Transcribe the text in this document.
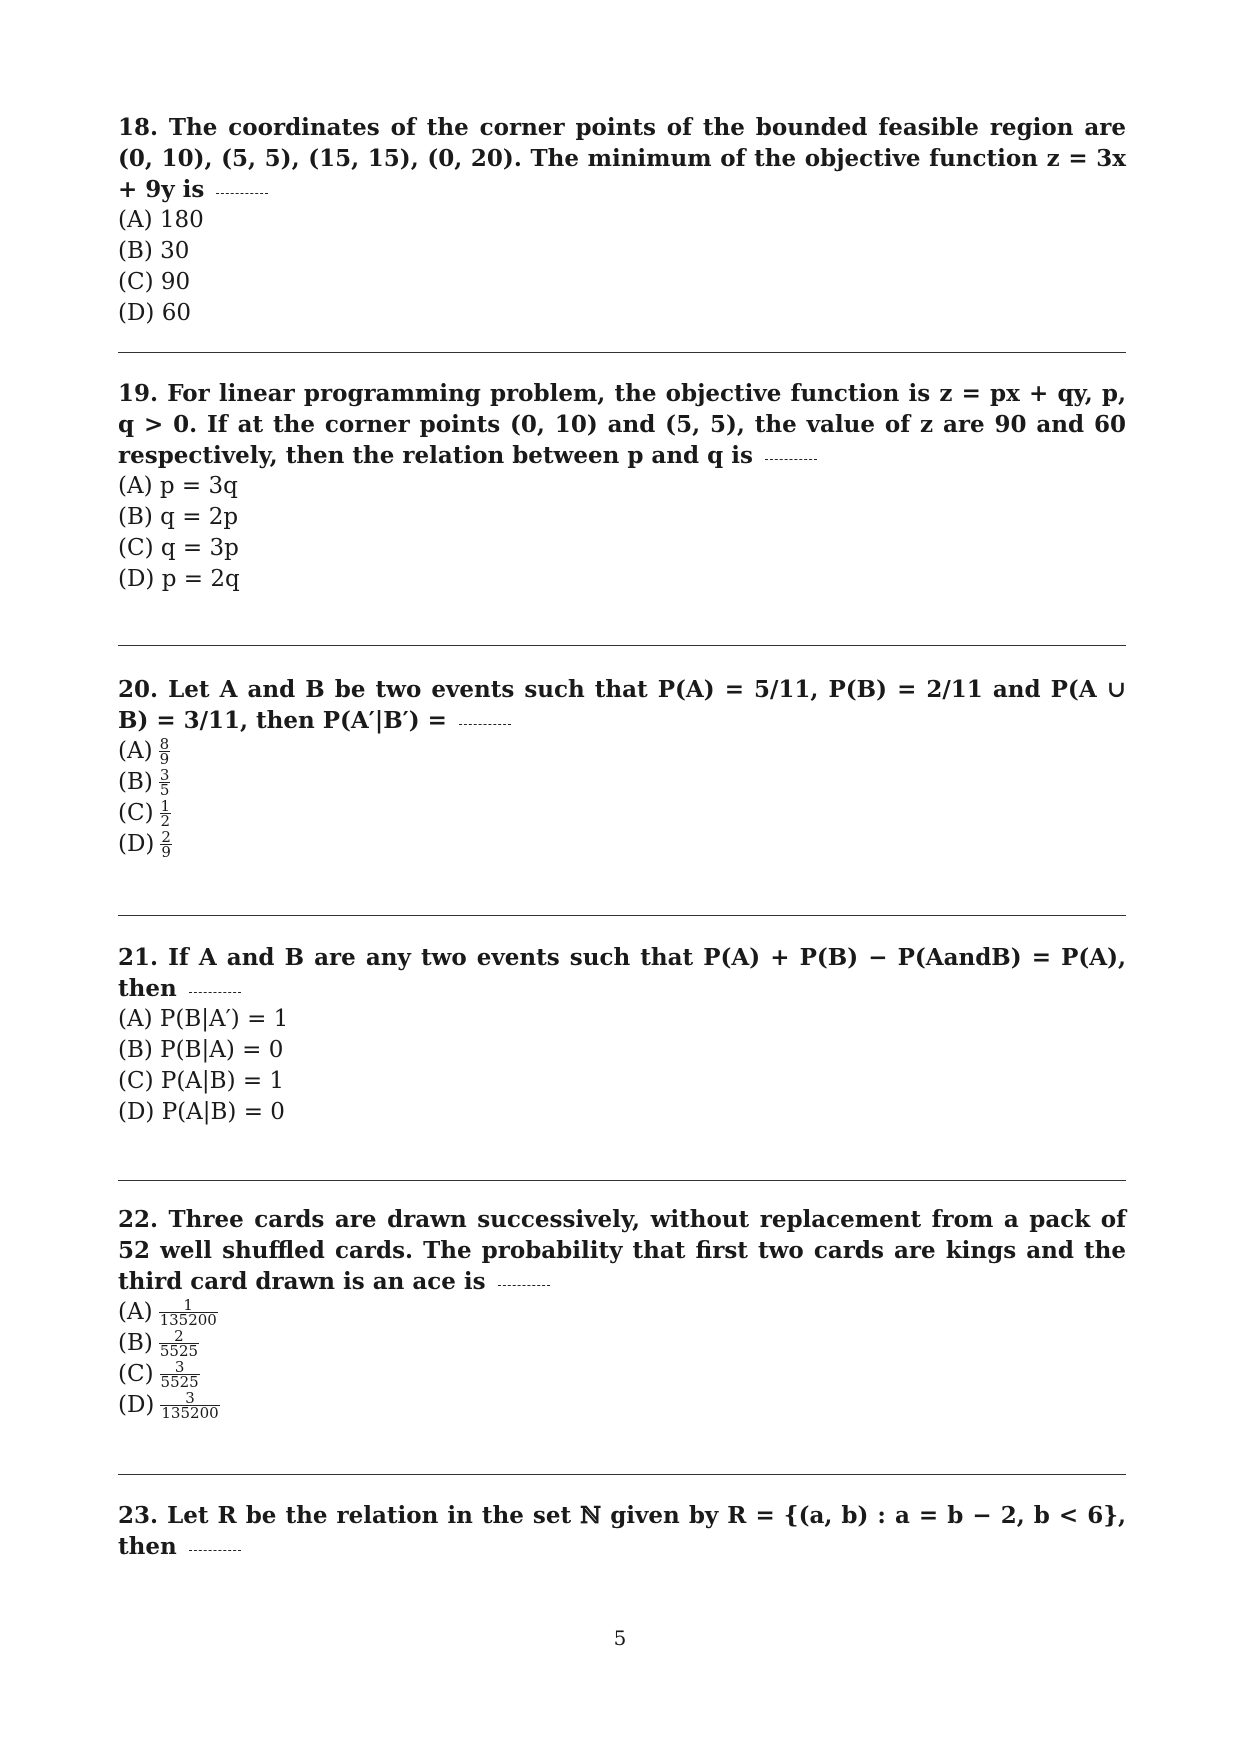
18. The coordinates of the corner points of the bounded feasible region are (0, 10), (5, 5), (15, 15), (0, 20). The minimum of the objective function z = 3x + 9y is
(A) 180
(B) 30
(C) 90
(D) 60
19. For linear programming problem, the objective function is z = px + qy, p, q > 0. If at the corner points (0, 10) and (5, 5), the value of z are 90 and 60 respectively, then the relation between p and q is
(A) p = 3q
(B) q = 2p
(C) q = 3p
(D) p = 2q
20. Let A and B be two events such that P(A) = 5/11, P(B) = 2/11 and P(A ∪ B) = 3/11, then P(A′|B′) =
$(A) \frac{8}{9}$
$(B) \frac{3}{5}$
$(C) \frac{1}{2}$
$(D) \frac{2}{9}$
21. If A and B are any two events such that P(A) + P(B) − P(AandB) = P(A), then
(A) P(B|A′) = 1
(B) P(B|A) = 0
(C) P(A|B) = 1
(D) P(A|B) = 0
22. Three cards are drawn successively, without replacement from a pack of 52 well shuffled cards. The probability that first two cards are kings and the third card drawn is an ace is
$(A) \frac{1}{135200}$
$(B) \frac{2}{5525}$
$(C) \frac{3}{5525}$
$(D) \frac{3}{135200}$
23. Let R be the relation in the set ℕ given by R = {(a, b) : a = b − 2, b < 6}, then
5
